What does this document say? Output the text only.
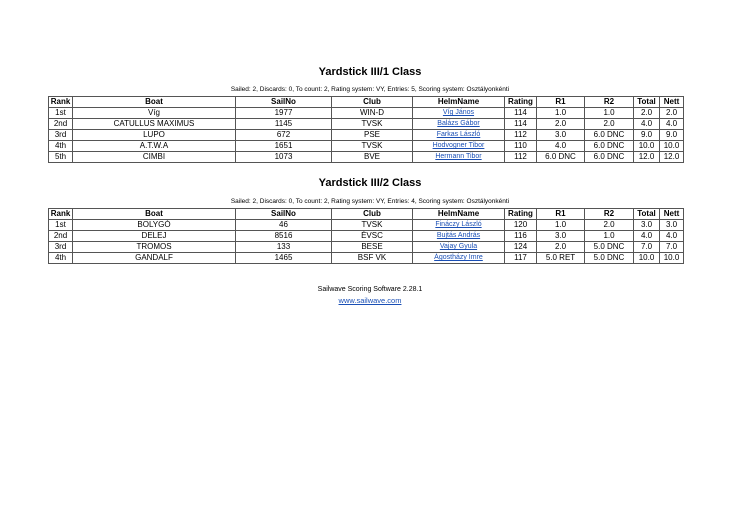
Yardstick III/1 Class
Sailed: 2, Discards: 0, To count: 2, Rating system: VY, Entries: 5, Scoring system: Osztályonkénti
Rank	Boat	SailNo	Club	HelmName	Rating	R1	R2	Total	Nett
1st	Víg	1977	WIN-D	Víg János	114	1.0	1.0	2.0	2.0
2nd	CATULLUS MAXIMUS	1145	TVSK	Balázs Gábor	114	2.0	2.0	4.0	4.0
3rd	LUPO	672	PSE	Farkas László	112	3.0	6.0 DNC	9.0	9.0
4th	A.T.W.A	1651	TVSK	Hodvogner Tibor	110	4.0	6.0 DNC	10.0	10.0
5th	CIMBI	1073	BVE	Hermann Tibor	112	6.0 DNC	6.0 DNC	12.0	12.0
Yardstick III/2 Class
Sailed: 2, Discards: 0, To count: 2, Rating system: VY, Entries: 4, Scoring system: Osztályonkénti
Rank	Boat	SailNo	Club	HelmName	Rating	R1	R2	Total	Nett
1st	BOLYGÓ	46	TVSK	Fináczy László	120	1.0	2.0	3.0	3.0
2nd	DELEJ	8516	ÉVSC	Bujtás András	116	3.0	1.0	4.0	4.0
3rd	TROMOS	133	BESE	Vajay Gyula	124	2.0	5.0 DNC	7.0	7.0
4th	GANDALF	1465	BSF VK	Ágostházy Imre	117	5.0 RET	5.0 DNC	10.0	10.0
Sailwave Scoring Software 2.28.1
www.sailwave.com
